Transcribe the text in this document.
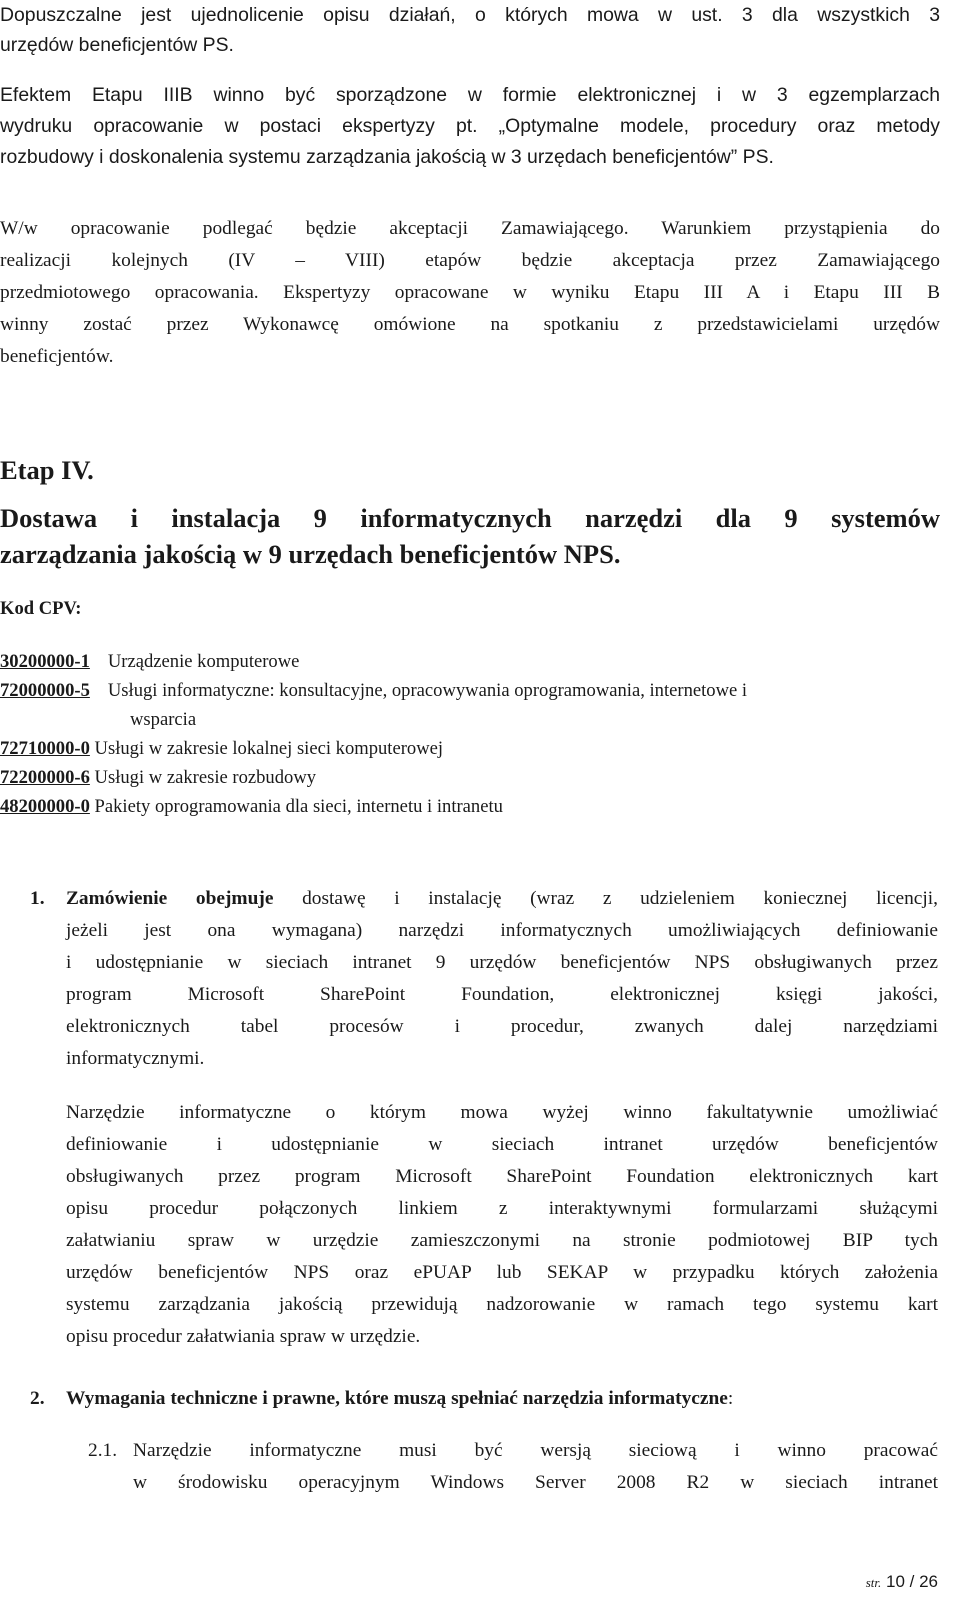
Dopuszczalne jest ujednolicenie opisu działań, o których mowa w ust. 3 dla wszystkich 3
urzędów beneficjentów PS.
Efektem Etapu IIIB winno być sporządzone w formie elektronicznej i w 3 egzemplarzach
wydruku opracowanie w postaci ekspertyzy pt. „Optymalne modele, procedury oraz metody
rozbudowy i doskonalenia systemu zarządzania jakością w 3 urzędach beneficjentów” PS.
W/w opracowanie podlegać będzie akceptacji Zamawiającego. Warunkiem przystąpienia do
realizacji kolejnych (IV – VIII) etapów będzie akceptacja przez Zamawiającego
przedmiotowego opracowania. Ekspertyzy opracowane w wyniku Etapu III A i Etapu III B
winny zostać przez Wykonawcę omówione na spotkaniu z przedstawicielami urzędów
beneficjentów.
Etap IV.
Dostawa i instalacja 9 informatycznych narzędzi dla 9 systemów
zarządzania jakością w 9 urzędach beneficjentów NPS.
Kod CPV:
30200000-1 Urządzenie komputerowe
72000000-5 Usługi informatyczne: konsultacyjne, opracowywania oprogramowania, internetowe i
wsparcia
72710000-0 Usługi w zakresie lokalnej sieci komputerowej
72200000-6 Usługi w zakresie rozbudowy
48200000-0 Pakiety oprogramowania dla sieci, internetu i intranetu
1. Zamówienie obejmuje dostawę i instalację (wraz z udzieleniem koniecznej licencji,
jeżeli jest ona wymagana) narzędzi informatycznych umożliwiających definiowanie
i udostępnianie w sieciach intranet 9 urzędów beneficjentów NPS obsługiwanych przez
program Microsoft SharePoint Foundation, elektronicznej księgi jakości,
elektronicznych tabel procesów i procedur, zwanych dalej narzędziami
informatycznymi.
Narzędzie informatyczne o którym mowa wyżej winno fakultatywnie umożliwiać
definiowanie i udostępnianie w sieciach intranet urzędów beneficjentów
obsługiwanych przez program Microsoft SharePoint Foundation elektronicznych kart
opisu procedur połączonych linkiem z interaktywnymi formularzami służącymi
załatwianiu spraw w urzędzie zamieszczonymi na stronie podmiotowej BIP tych
urzędów beneficjentów NPS oraz ePUAP lub SEKAP w przypadku których założenia
systemu zarządzania jakością przewidują nadzorowanie w ramach tego systemu kart
opisu procedur załatwiania spraw w urzędzie.
2. Wymagania techniczne i prawne, które muszą spełniać narzędzia informatyczne:
2.1. Narzędzie informatyczne musi być wersją sieciową i winno pracować
w środowisku operacyjnym Windows Server 2008 R2 w sieciach intranet
str. 10 / 26
